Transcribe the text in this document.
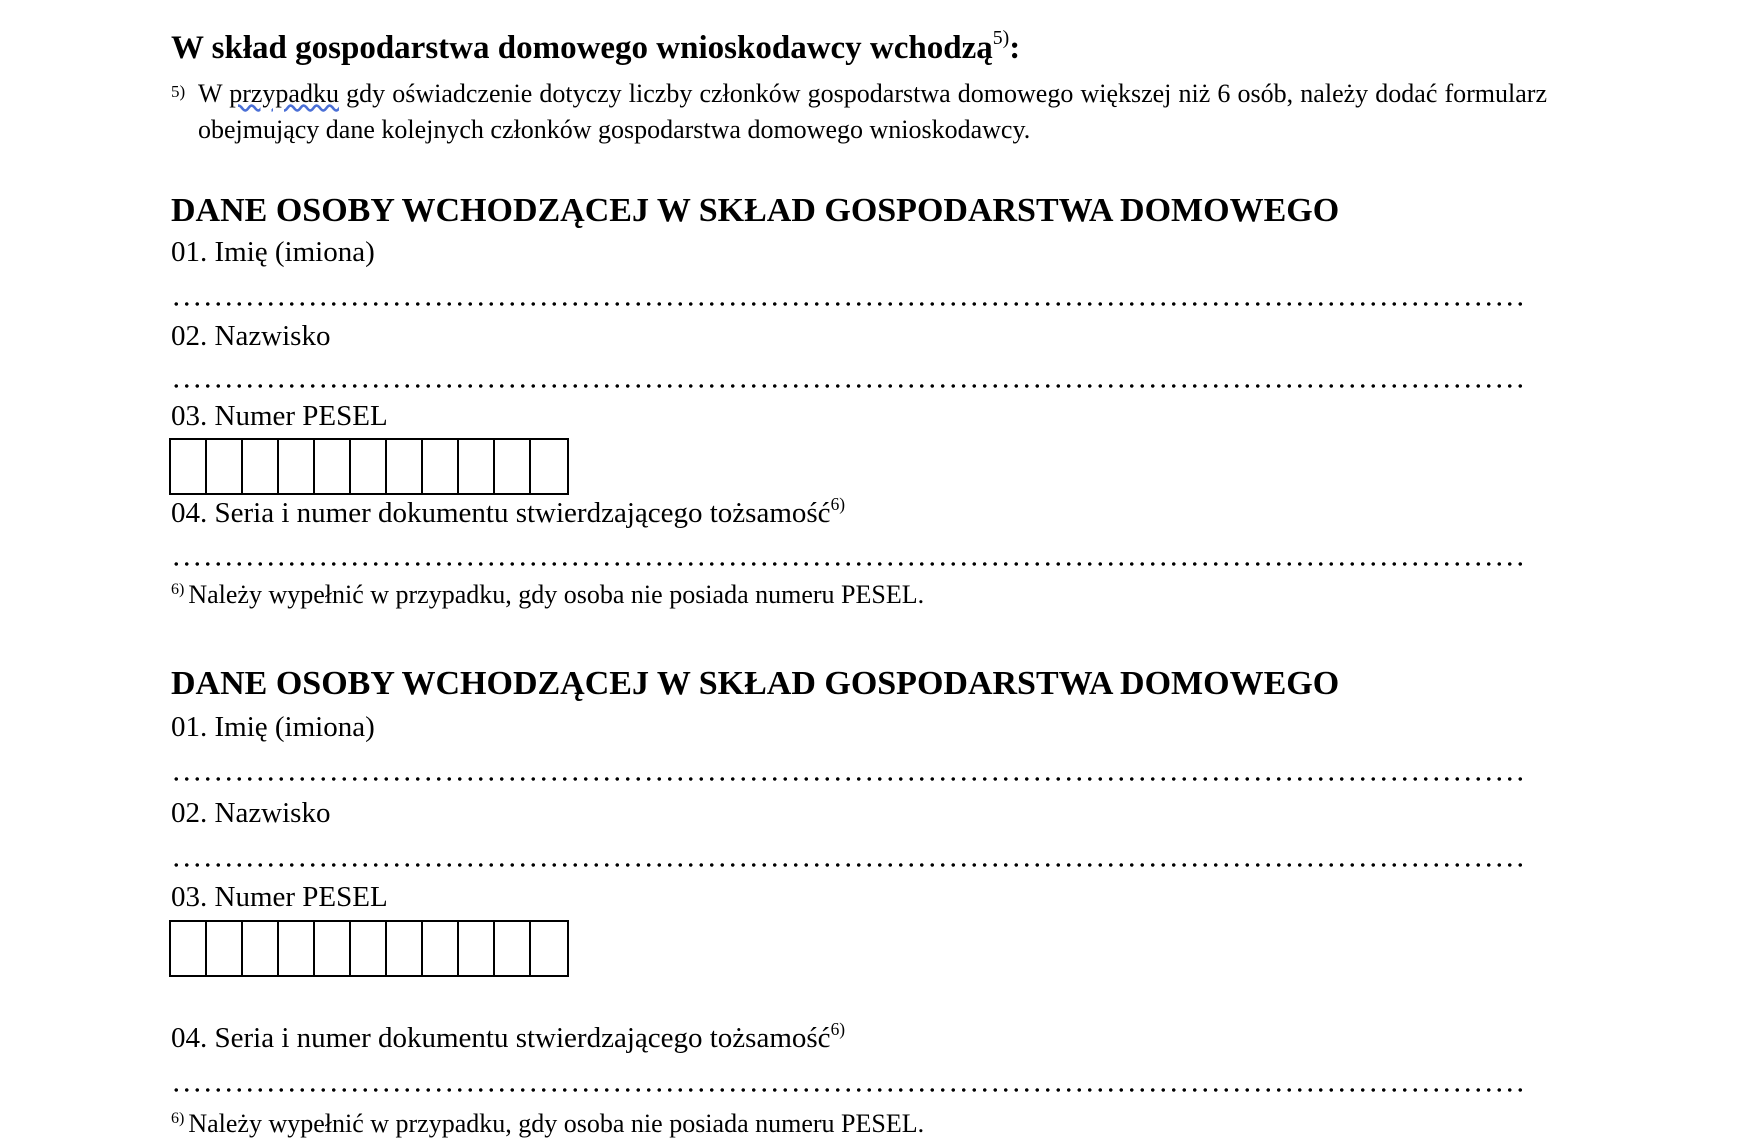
W skład gospodarstwa domowego wnioskodawcy wchodzą$^{5)}$:
5) W przypadku gdy oświadczenie dotyczy liczby członków gospodarstwa domowego większej niż 6 osób, należy dodać formularz obejmujący dane kolejnych członków gospodarstwa domowego wnioskodawcy.
DANE OSOBY WCHODZĄCEJ W SKŁAD GOSPODARSTWA DOMOWEGO
01. Imię (imiona)
02. Nazwisko
03. Numer PESEL
04. Seria i numer dokumentu stwierdzającego tożsamość$^{6)}$
$^{6)}$ Należy wypełnić w przypadku, gdy osoba nie posiada numeru PESEL.
DANE OSOBY WCHODZĄCEJ W SKŁAD GOSPODARSTWA DOMOWEGO
01. Imię (imiona)
02. Nazwisko
03. Numer PESEL
04. Seria i numer dokumentu stwierdzającego tożsamość$^{6)}$
$^{6)}$ Należy wypełnić w przypadku, gdy osoba nie posiada numeru PESEL.
